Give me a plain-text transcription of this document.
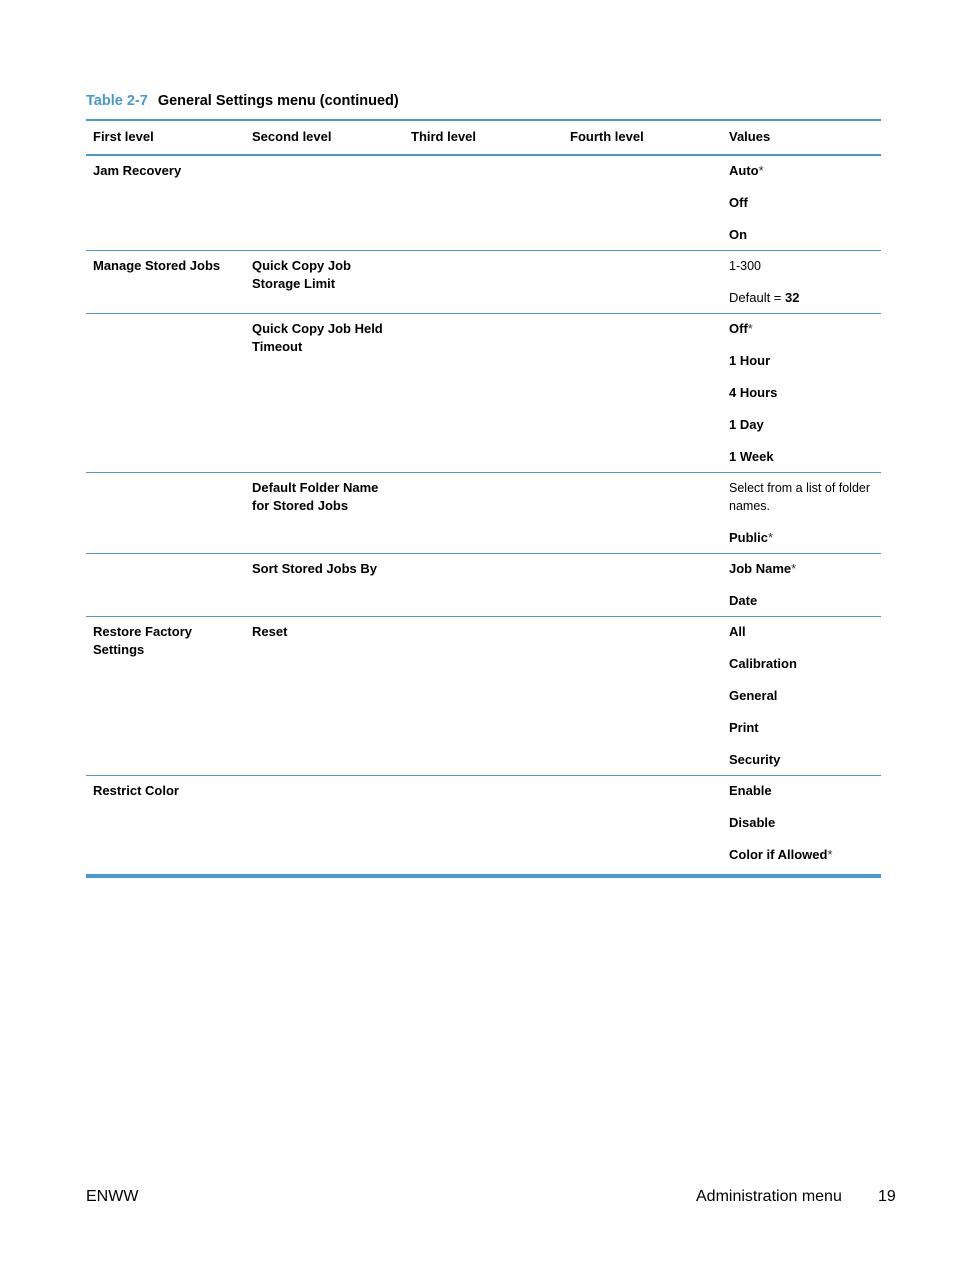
Table 2-7 General Settings menu (continued)
First level	Second level	Third level	Fourth level	Values
Jam Recovery				Auto*
Off
On

Manage Stored Jobs	Quick Copy Job Storage Limit			1-300
Default = 32

	Quick Copy Job Held Timeout			Off*
1 Hour
4 Hours
1 Day
1 Week

	Default Folder Name for Stored Jobs			Select from a list of folder names.
Public*

	Sort Stored Jobs By			Job Name*
Date

Restore Factory Settings	Reset			All
Calibration
General
Print
Security

Restrict Color				Enable
Disable
Color if Allowed*
ENWW	Administration menu 19
